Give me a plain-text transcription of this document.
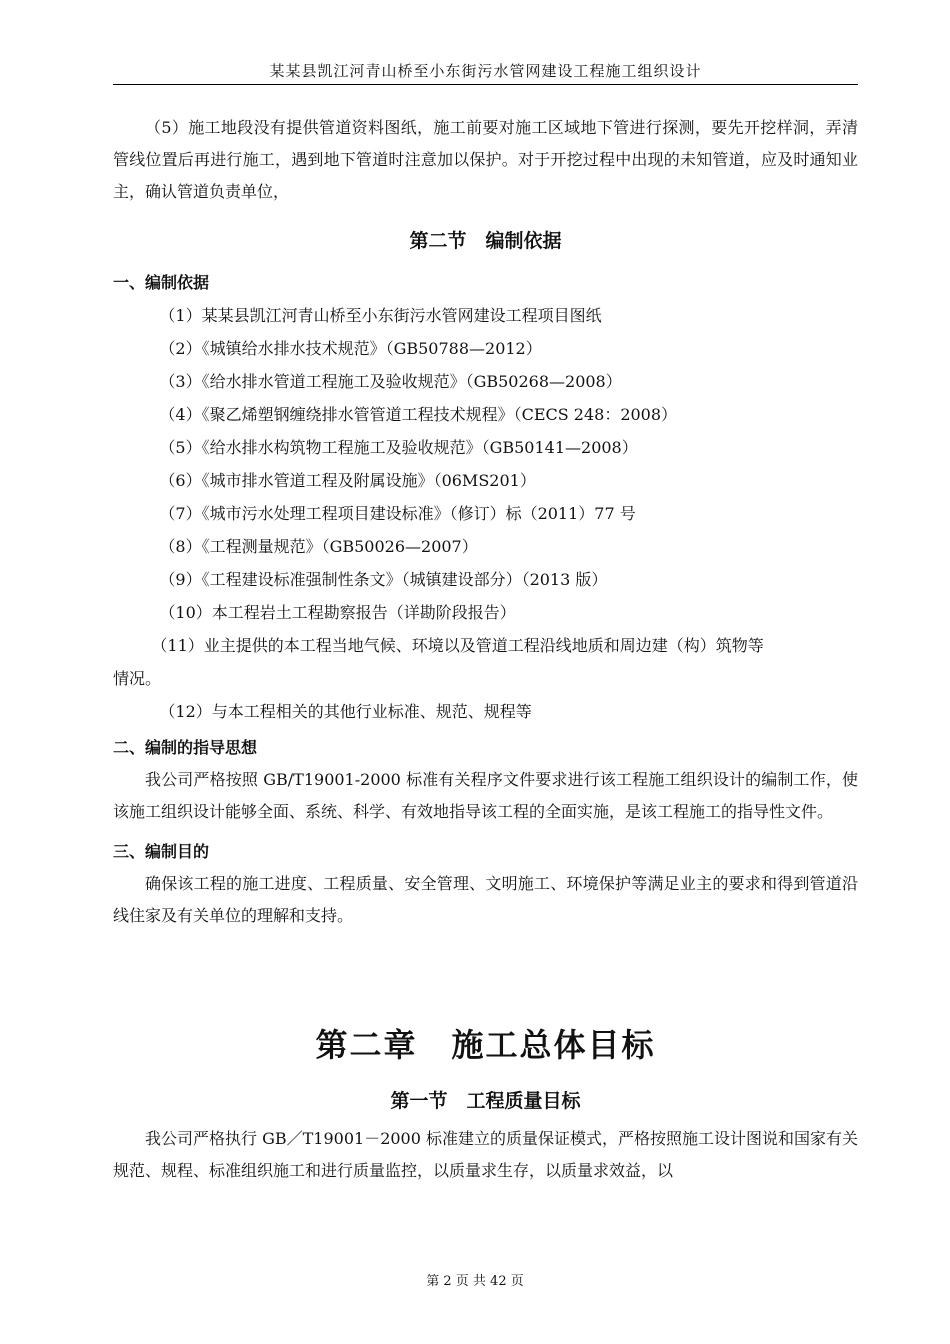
某某县凯江河青山桥至小东街污水管网建设工程施工组织设计

（5）施工地段没有提供管道资料图纸，施工前要对施工区域地下管进行探测，要先开挖样洞，弄清管线位置后再进行施工，遇到地下管道时注意加以保护。对于开挖过程中出现的未知管道，应及时通知业主，确认管道负责单位，

第二节　编制依据
一、编制依据
（1）某某县凯江河青山桥至小东街污水管网建设工程项目图纸
（2）《城镇给水排水技术规范》（GB50788—2012）
（3）《给水排水管道工程施工及验收规范》（GB50268—2008）
（4）《聚乙烯塑钢缠绕排水管管道工程技术规程》（CECS 248：2008）
（5）《给水排水构筑物工程施工及验收规范》（GB50141—2008）
（6）《城市排水管道工程及附属设施》（06MS201）
（7）《城市污水处理工程项目建设标准》（修订）标（2011）77 号
（8）《工程测量规范》（GB50026—2007）
（9）《工程建设标准强制性条文》（城镇建设部分）（2013 版）
（10）本工程岩土工程勘察报告（详勘阶段报告）
（11）业主提供的本工程当地气候、环境以及管道工程沿线地质和周边建（构）筑物等
情况。
（12）与本工程相关的其他行业标准、规范、规程等
二、编制的指导思想

我公司严格按照 GB/T19001-2000 标准有关程序文件要求进行该工程施工组织设计的编制工作，使该施工组织设计能够全面、系统、科学、有效地指导该工程的全面实施，是该工程施工的指导性文件。

三、编制目的

确保该工程的施工进度、工程质量、安全管理、文明施工、环境保护等满足业主的要求和得到管道沿线住家及有关单位的理解和支持。

第二章　施工总体目标
第一节　工程质量目标

我公司严格执行 GB／T19001－2000 标准建立的质量保证模式，严格按照施工设计图说和国家有关规范、规程、标准组织施工和进行质量监控，以质量求生存，以质量求效益，以

第 2 页 共 42 页
